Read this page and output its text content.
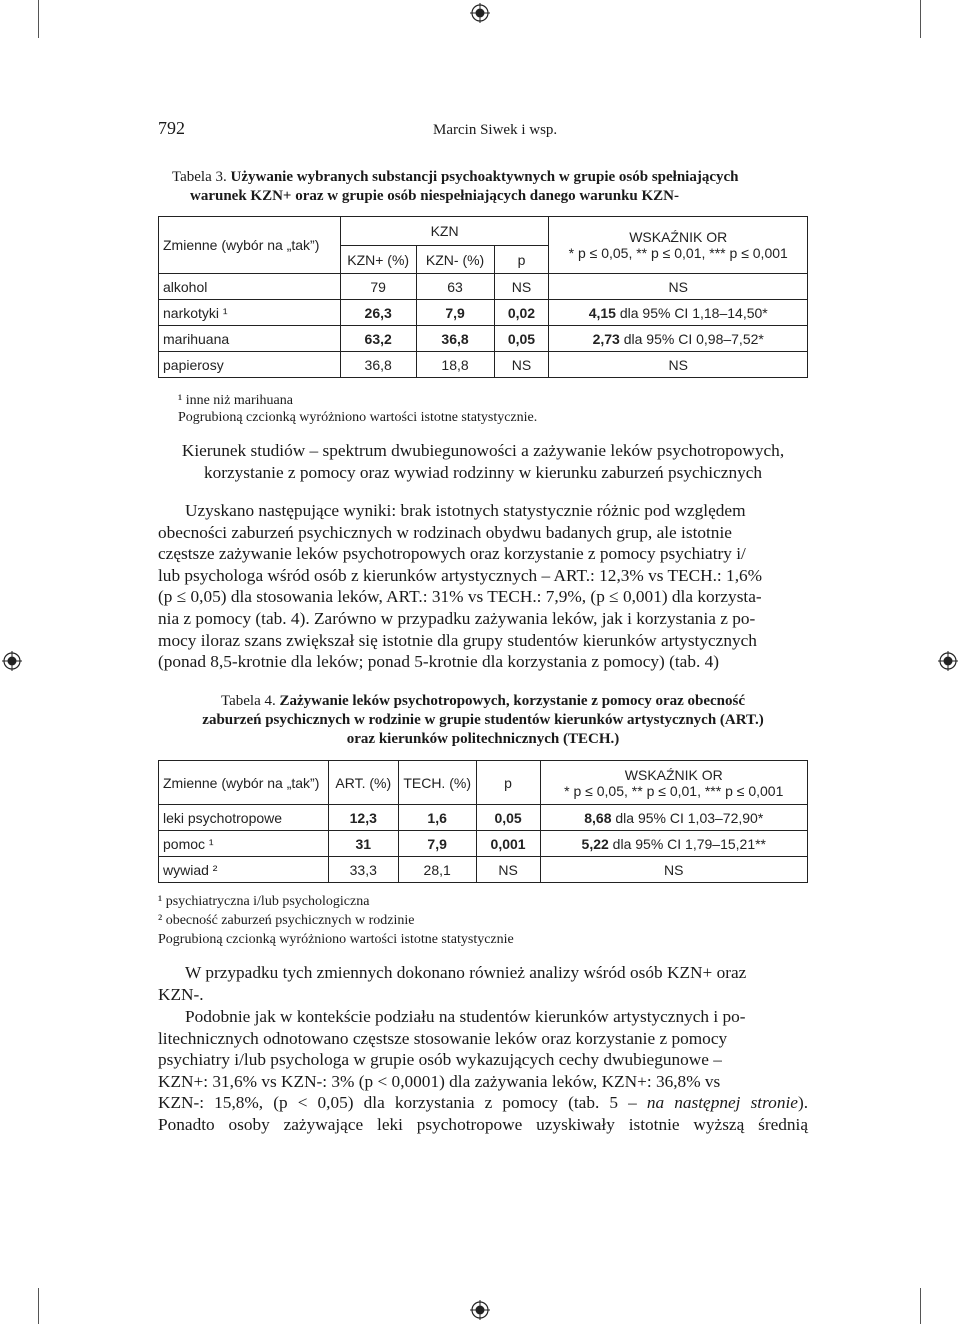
792	Marcin Siwek i wsp.
Tabela 3. Używanie wybranych substancji psychoaktywnych w grupie osób spełniających
warunek KZN+ oraz w grupie osób niespełniających danego warunku KZN-
Zmienne (wybór na „tak”)	KZN			WSKAŹNIK OR
* p ≤ 0,05, ** p ≤ 0,01, *** p ≤ 0,001

	KZN+ (%)	KZN- (%)	p	
alkohol	79	63	NS	NS
narkotyki ¹	26,3	7,9	0,02	4,15 dla 95% CI 1,18–14,50*
marihuana	63,2	36,8	0,05	2,73 dla 95% CI 0,98–7,52*
papierosy	36,8	18,8	NS	NS
¹ inne niż marihuana
Pogrubioną czcionką wyróżniono wartości istotne statystycznie.
Kierunek studiów – spektrum dwubiegunowości a zażywanie leków psychotropowych,
korzystanie z pomocy oraz wywiad rodzinny w kierunku zaburzeń psychicznych

Uzyskano następujące wyniki: brak istotnych statystycznie różnic pod względem

obecności zaburzeń psychicznych w rodzinach obydwu badanych grup, ale istotnie

częstsze zażywanie leków psychotropowych oraz korzystanie z pomocy psychiatry i/

lub psychologa wśród osób z kierunków artystycznych – ART.: 12,3% vs TECH.: 1,6%

(p ≤ 0,05) dla stosowania leków, ART.: 31% vs TECH.: 7,9%, (p ≤ 0,001) dla korzysta-

nia z pomocy (tab. 4). Zarówno w przypadku zażywania leków, jak i korzystania z po-

mocy iloraz szans zwiększał się istotnie dla grupy studentów kierunków artystycznych

(ponad 8,5-krotnie dla leków; ponad 5-krotnie dla korzystania z pomocy) (tab. 4)

Tabela 4. Zażywanie leków psychotropowych, korzystanie z pomocy oraz obecność
zaburzeń psychicznych w rodzinie w grupie studentów kierunków artystycznych (ART.)
oraz kierunków politechnicznych (TECH.)
Zmienne (wybór na „tak”)	ART. (%)	TECH. (%)	p	WSKAŹNIK OR
* p ≤ 0,05, ** p ≤ 0,01, *** p ≤ 0,001

leki psychotropowe	12,3	1,6	0,05	8,68 dla 95% CI 1,03–72,90*
pomoc ¹	31	7,9	0,001	5,22 dla 95% CI 1,79–15,21**
wywiad ²	33,3	28,1	NS	NS
¹ psychiatryczna i/lub psychologiczna
² obecność zaburzeń psychicznych w rodzinie
Pogrubioną czcionką wyróżniono wartości istotne statystycznie

W przypadku tych zmiennych dokonano również analizy wśród osób KZN+ oraz

KZN-.

Podobnie jak w kontekście podziału na studentów kierunków artystycznych i po-

litechnicznych odnotowano częstsze stosowanie leków oraz korzystanie z pomocy

psychiatry i/lub psychologa w grupie osób wykazujących cechy dwubiegunowe –

KZN+: 31,6% vs KZN-: 3% (p < 0,0001) dla zażywania leków, KZN+: 36,8% vs

KZN-: 15,8%, (p < 0,05) dla korzystania z pomocy (tab. 5 – na następnej stronie).

Ponadto osoby zażywające leki psychotropowe uzyskiwały istotnie wyższą średnią
